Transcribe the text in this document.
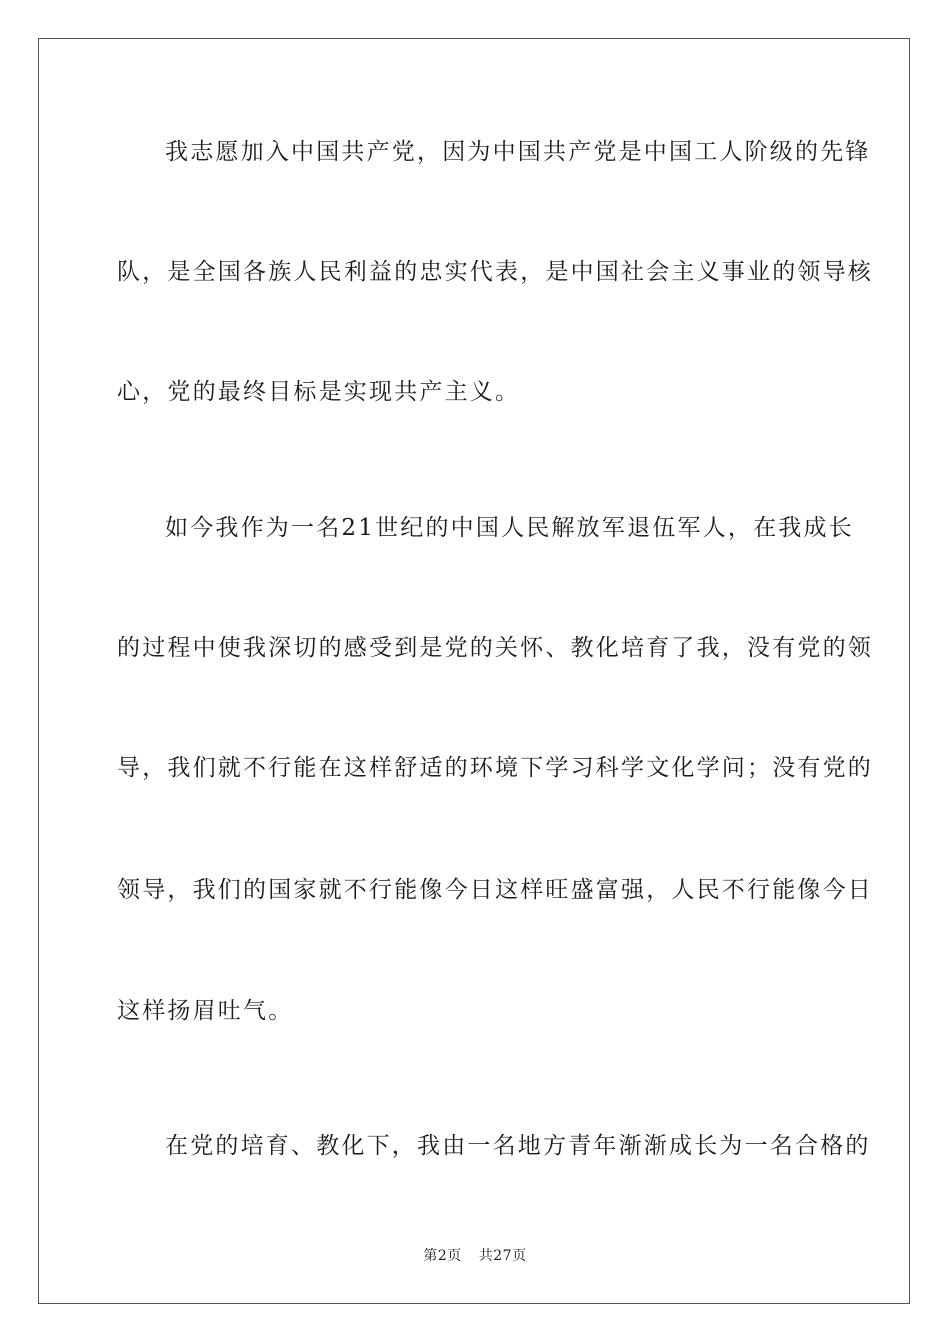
我志愿加入中国共产党，因为中国共产党是中国工人阶级的先锋
队，是全国各族人民利益的忠实代表，是中国社会主义事业的领导核
心，党的最终目标是实现共产主义。
如今我作为一名21世纪的中国人民解放军退伍军人，在我成长
的过程中使我深切的感受到是党的关怀、教化培育了我，没有党的领
导，我们就不行能在这样舒适的环境下学习科学文化学问；没有党的
领导，我们的国家就不行能像今日这样旺盛富强，人民不行能像今日
这样扬眉吐气。
在党的培育、教化下，我由一名地方青年渐渐成长为一名合格的
第2页 共27页
